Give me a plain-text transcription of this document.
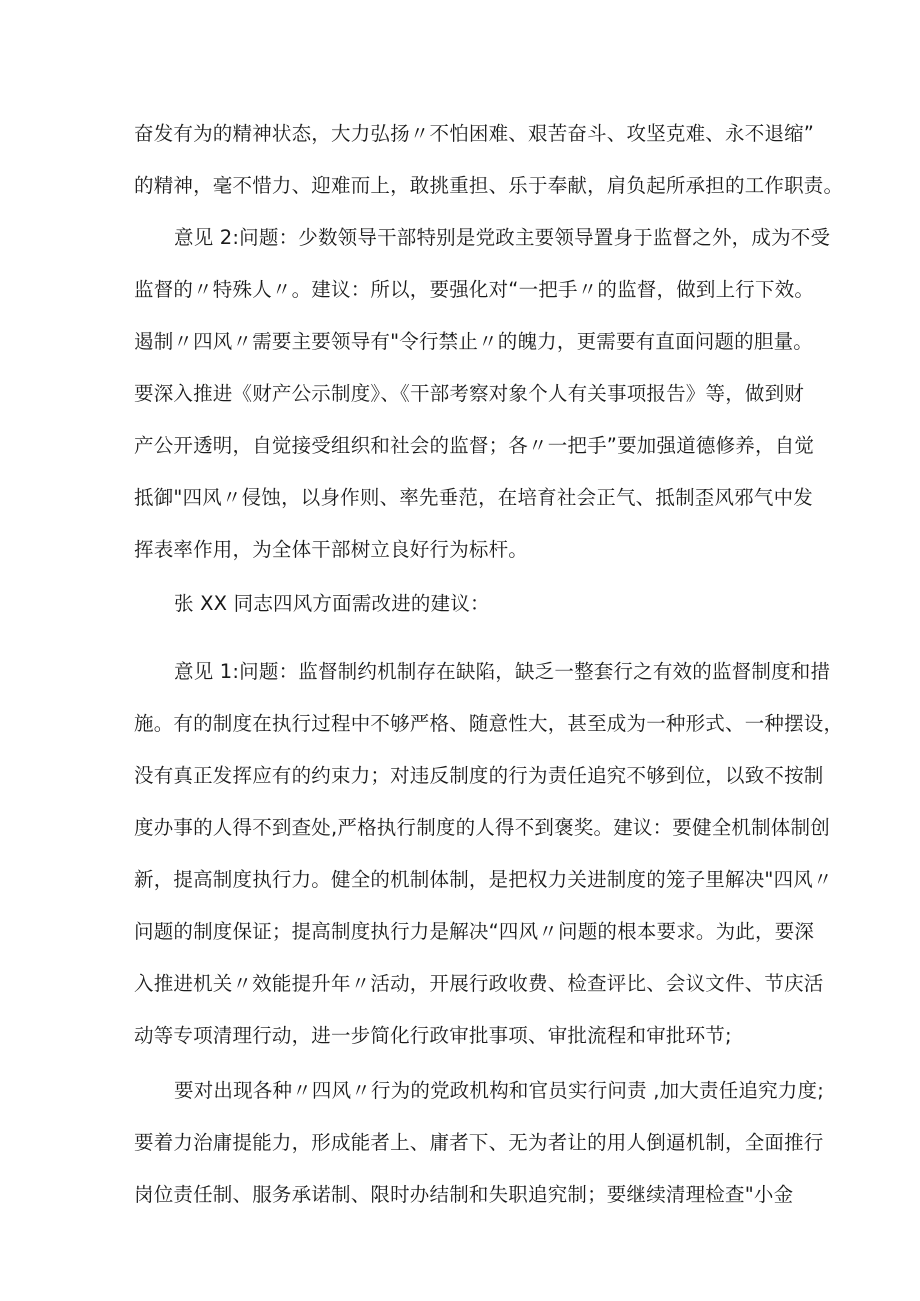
奋发有为的精神状态，大力弘扬〃不怕困难、艰苦奋斗、攻坚克难、永不退缩”
的精神，毫不惜力、迎难而上，敢挑重担、乐于奉献，肩负起所承担的工作职责。
意见 2:问题：少数领导干部特别是党政主要领导置身于监督之外，成为不受
监督的〃特殊人〃。建议：所以，要强化对“一把手〃的监督，做到上行下效。
遏制〃四风〃需要主要领导有"令行禁止〃的魄力，更需要有直面问题的胆量。
要深入推进《财产公示制度》、《干部考察对象个人有关事项报告》等，做到财
产公开透明，自觉接受组织和社会的监督；各〃一把手”要加强道德修养，自觉
抵御"四风〃侵蚀，以身作则、率先垂范，在培育社会正气、抵制歪风邪气中发
挥表率作用，为全体干部树立良好行为标杆。
张 XX 同志四风方面需改进的建议：
意见 1:问题：监督制约机制存在缺陷，缺乏一整套行之有效的监督制度和措
施。有的制度在执行过程中不够严格、随意性大，甚至成为一种形式、一种摆设，
没有真正发挥应有的约束力；对违反制度的行为责任追究不够到位，以致不按制
度办事的人得不到查处,严格执行制度的人得不到褒奖。建议：要健全机制体制创
新，提高制度执行力。健全的机制体制，是把权力关进制度的笼子里解决"四风〃
问题的制度保证；提高制度执行力是解决“四风〃问题的根本要求。为此，要深
入推进机关〃效能提升年〃活动，开展行政收费、检查评比、会议文件、节庆活
动等专项清理行动，进一步简化行政审批事项、审批流程和审批环节;
要对出现各种〃四风〃行为的党政机构和官员实行问责 ,加大责任追究力度;
要着力治庸提能力，形成能者上、庸者下、无为者让的用人倒逼机制，全面推行
岗位责任制、服务承诺制、限时办结制和失职追究制；要继续清理检查"小金
